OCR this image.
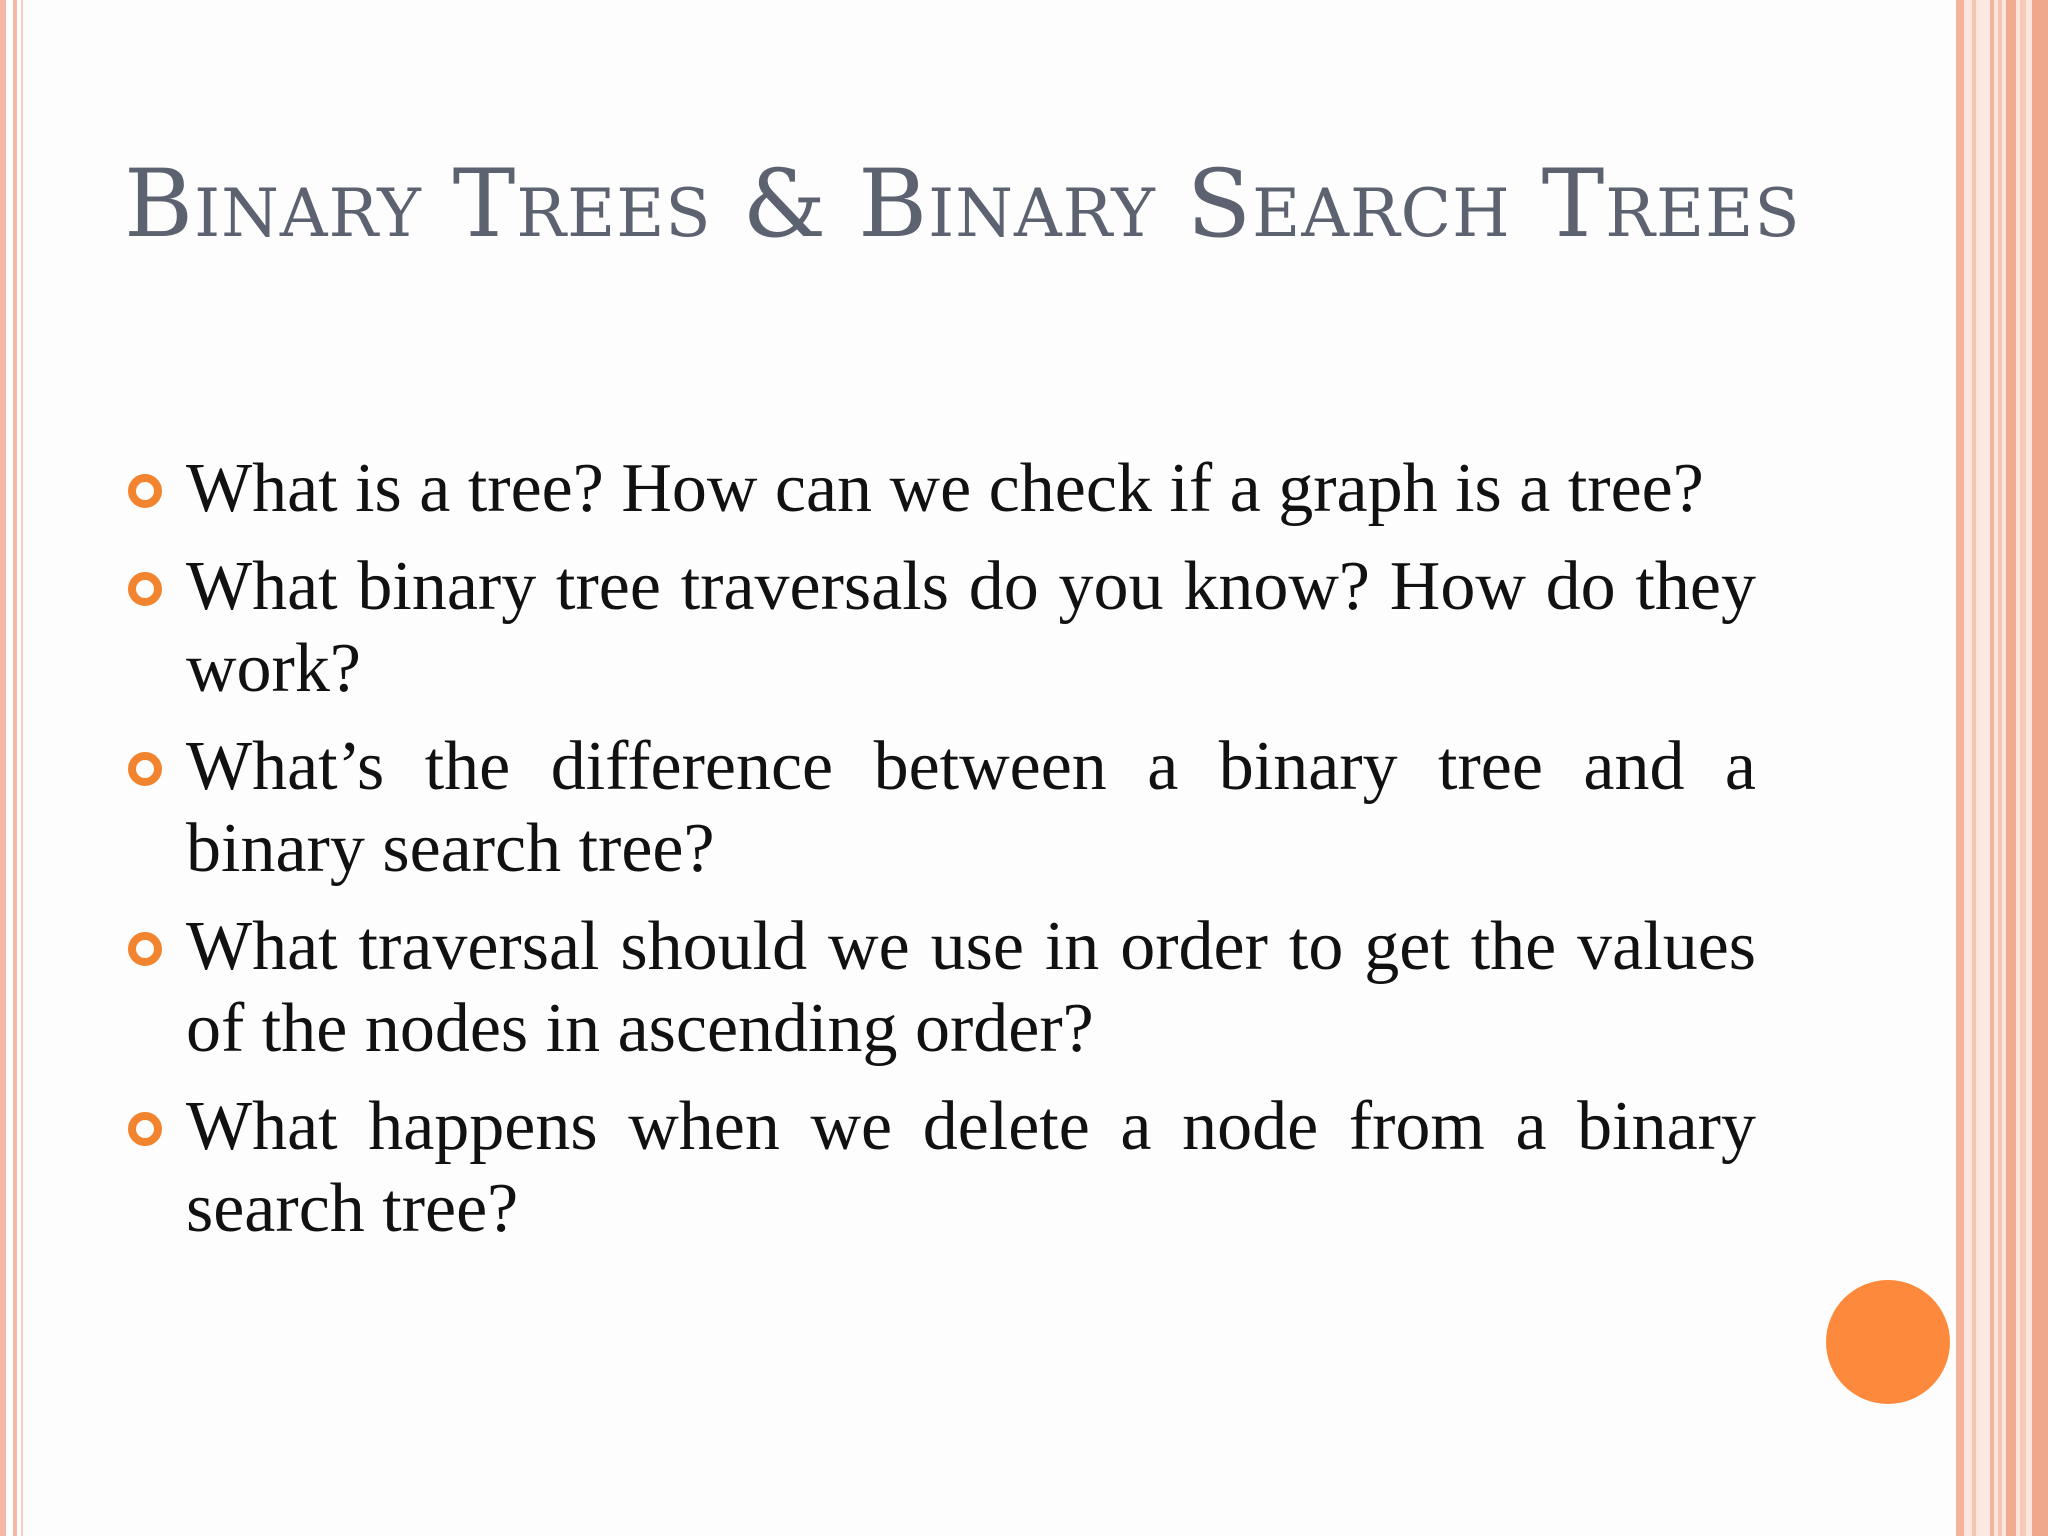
Binary Trees & Binary Search Trees
What is a tree? How can we check if a graph is a tree?
What binary tree traversals do you know? How do they work?
What’s the difference between a binary tree and a binary search tree?
What traversal should we use in order to get the values of the nodes in ascending order?
What happens when we delete a node from a binary search tree?
